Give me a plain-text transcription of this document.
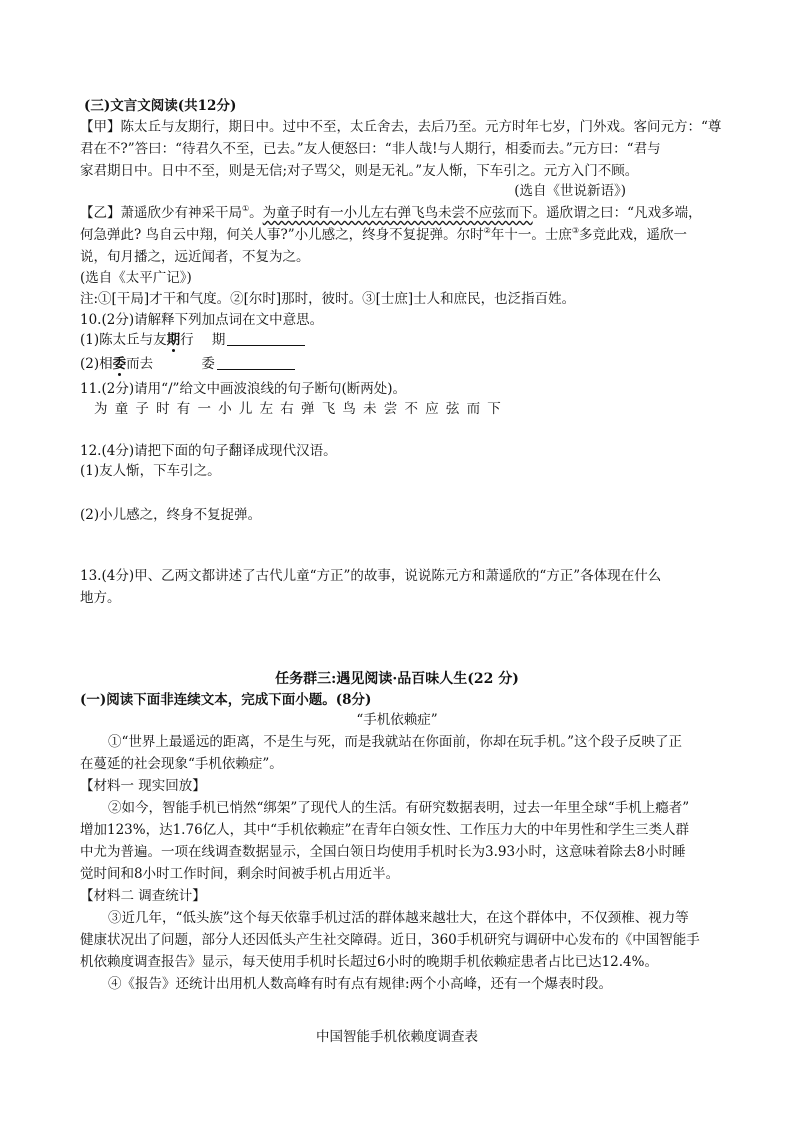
(三)文言文阅读(共12分)
【甲】陈太丘与友期行，期日中。过中不至，太丘舍去，去后乃至。元方时年七岁，门外戏。客问元方：“尊
君在不?”答曰：“待君久不至，已去。”友人便怒曰：“非人哉!与人期行，相委而去。”元方曰：“君与
家君期日中。日中不至，则是无信;对子骂父，则是无礼。”友人惭，下车引之。元方入门不顾。
(选自《世说新语》)
【乙】萧遥欣少有神采干局①。为童子时有一小儿左右弹飞鸟未尝不应弦而下。遥欣谓之曰：“凡戏多端，
何急弹此? 鸟自云中翔，何关人事?”小儿感之，终身不复捉弹。尔时②年十一。士庶③多竞此戏，遥欣一
说，旬月播之，远近闻者，不复为之。
(选自《太平广记》)
注:①[干局]才干和气度。②[尔时]那时，彼时。③[士庶]士人和庶民，也泛指百姓。
10.(2分)请解释下列加点词在文中意思。
(1)陈太丘与友期行 期
(2)相委而去	委
11.(2分)请用“/”给文中画波浪线的句子断句(断两处)。
为童子时有一小儿左右弹飞鸟未尝不应弦而下
12.(4分)请把下面的句子翻译成现代汉语。
(1)友人惭，下车引之。
(2)小儿感之，终身不复捉弹。
13.(4分)甲、乙两文都讲述了古代儿童“方正”的故事，说说陈元方和萧遥欣的“方正”各体现在什么
地方。
任务群三:遇见阅读·品百味人生(22 分)
(一)阅读下面非连续文本，完成下面小题。(8分)
“手机依赖症”
①“世界上最遥远的距离，不是生与死，而是我就站在你面前，你却在玩手机。”这个段子反映了正
在蔓延的社会现象“手机依赖症”。
【材料一 现实回放】
②如今，智能手机已悄然“绑架”了现代人的生活。有研究数据表明，过去一年里全球“手机上瘾者”
增加123%，达1.76亿人，其中“手机依赖症”在青年白领女性、工作压力大的中年男性和学生三类人群
中尤为普遍。一项在线调查数据显示，全国白领日均使用手机时长为3.93小时，这意味着除去8小时睡
觉时间和8小时工作时间，剩余时间被手机占用近半。
【材料二 调查统计】
③近几年，“低头族”这个每天依靠手机过活的群体越来越壮大，在这个群体中，不仅颈椎、视力等
健康状况出了问题，部分人还因低头产生社交障碍。近日，360手机研究与调研中心发布的《中国智能手
机依赖度调查报告》显示，每天使用手机时长超过6小时的晚期手机依赖症患者占比已达12.4%。
④《报告》还统计出用机人数高峰有时有点有规律:两个小高峰，还有一个爆表时段。
中国智能手机依赖度调查表
